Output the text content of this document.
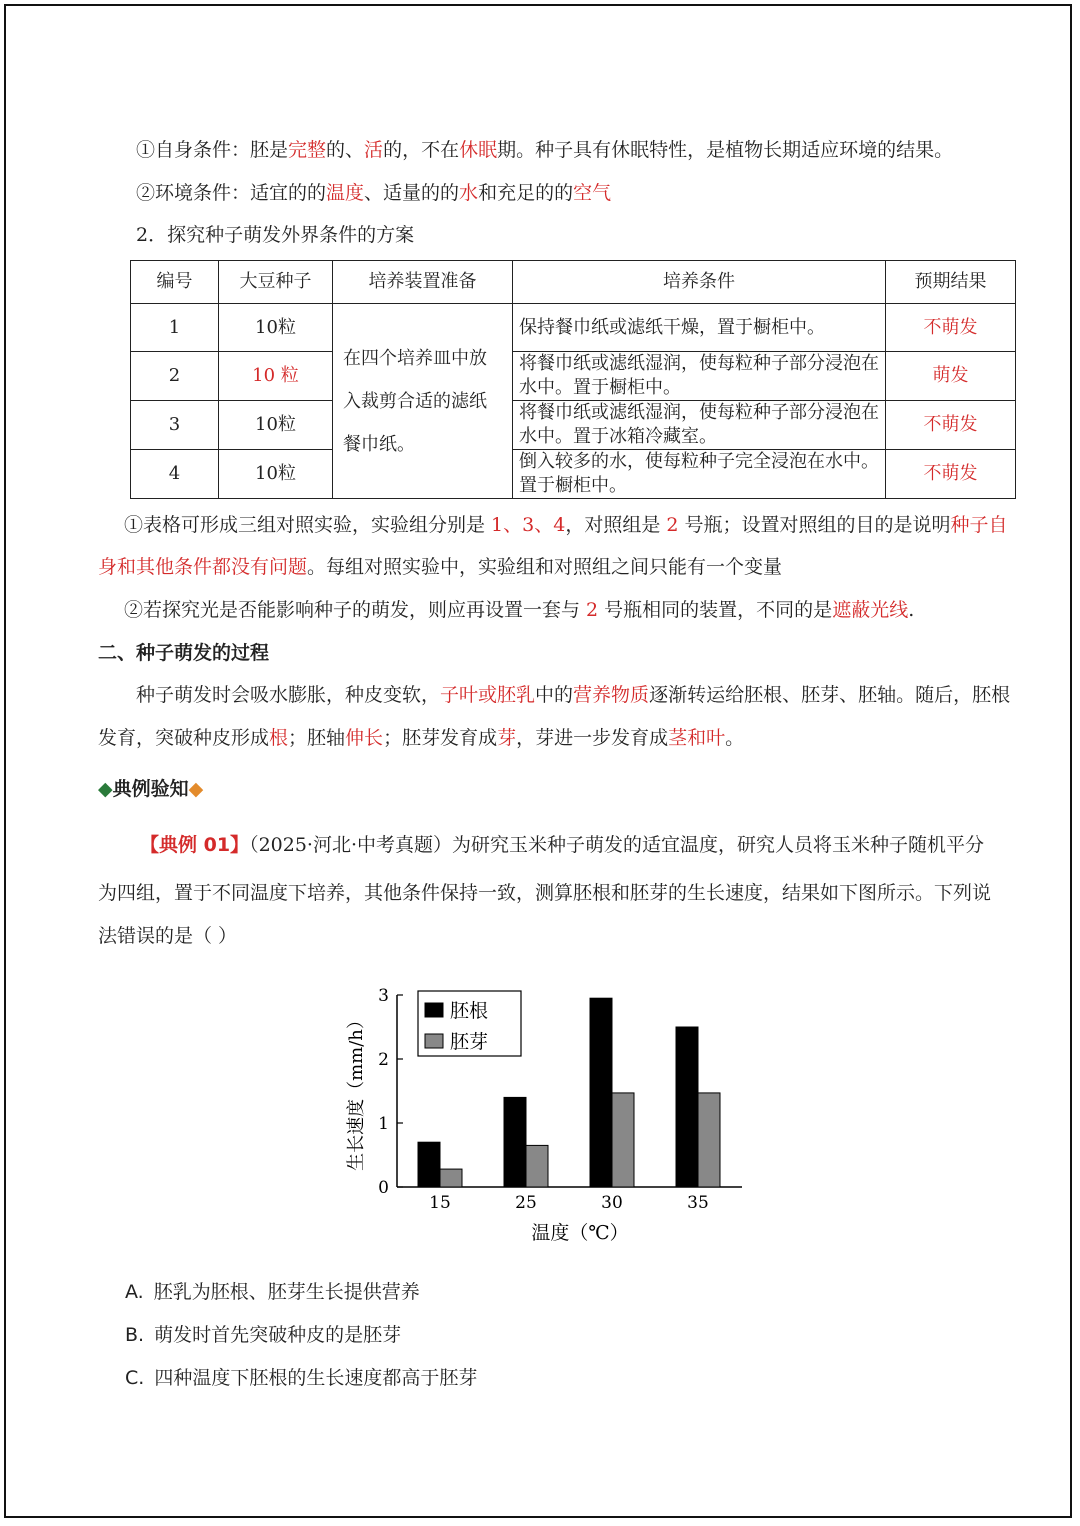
①自身条件：胚是完整的、活的，不在休眠期。种子具有休眠特性，是植物长期适应环境的结果。
②环境条件：适宜的的温度、适量的的水和充足的的空气
2．探究种子萌发外界条件的方案
编号	大豆种子	培养装置准备	培养条件	预期结果
1	10粒	在四个培养皿中放入裁剪合适的滤纸餐巾纸。	保持餐巾纸或滤纸干燥，置于橱柜中。	不萌发
2	10 粒		将餐巾纸或滤纸湿润，使每粒种子部分浸泡在水中。置于橱柜中。	萌发
3	10粒		将餐巾纸或滤纸湿润，使每粒种子部分浸泡在水中。置于冰箱冷藏室。	不萌发
4	10粒		倒入较多的水，使每粒种子完全浸泡在水中。置于橱柜中。	不萌发
①表格可形成三组对照实验，实验组分别是 1、3、4，对照组是 2 号瓶；设置对照组的目的是说明种子自
身和其他条件都没有问题。每组对照实验中，实验组和对照组之间只能有一个变量
②若探究光是否能影响种子的萌发，则应再设置一套与 2 号瓶相同的装置，不同的是遮蔽光线.
二、种子萌发的过程
种子萌发时会吸水膨胀，种皮变软，子叶或胚乳中的营养物质逐渐转运给胚根、胚芽、胚轴。随后，胚根
发育，突破种皮形成根；胚轴伸长；胚芽发育成芽，芽进一步发育成茎和叶。
◆典例验知◆
【典例 01】（2025·河北·中考真题）为研究玉米种子萌发的适宜温度，研究人员将玉米种子随机平分
为四组，置于不同温度下培养，其他条件保持一致，测算胚根和胚芽的生长速度，结果如下图所示。下列说
法错误的是（ ）
0
1
2
3
15	25	30	35
温度（℃）
生长速度（mm/h）
胚根
胚芽
A. 胚乳为胚根、胚芽生长提供营养
B. 萌发时首先突破种皮的是胚芽
C. 四种温度下胚根的生长速度都高于胚芽
